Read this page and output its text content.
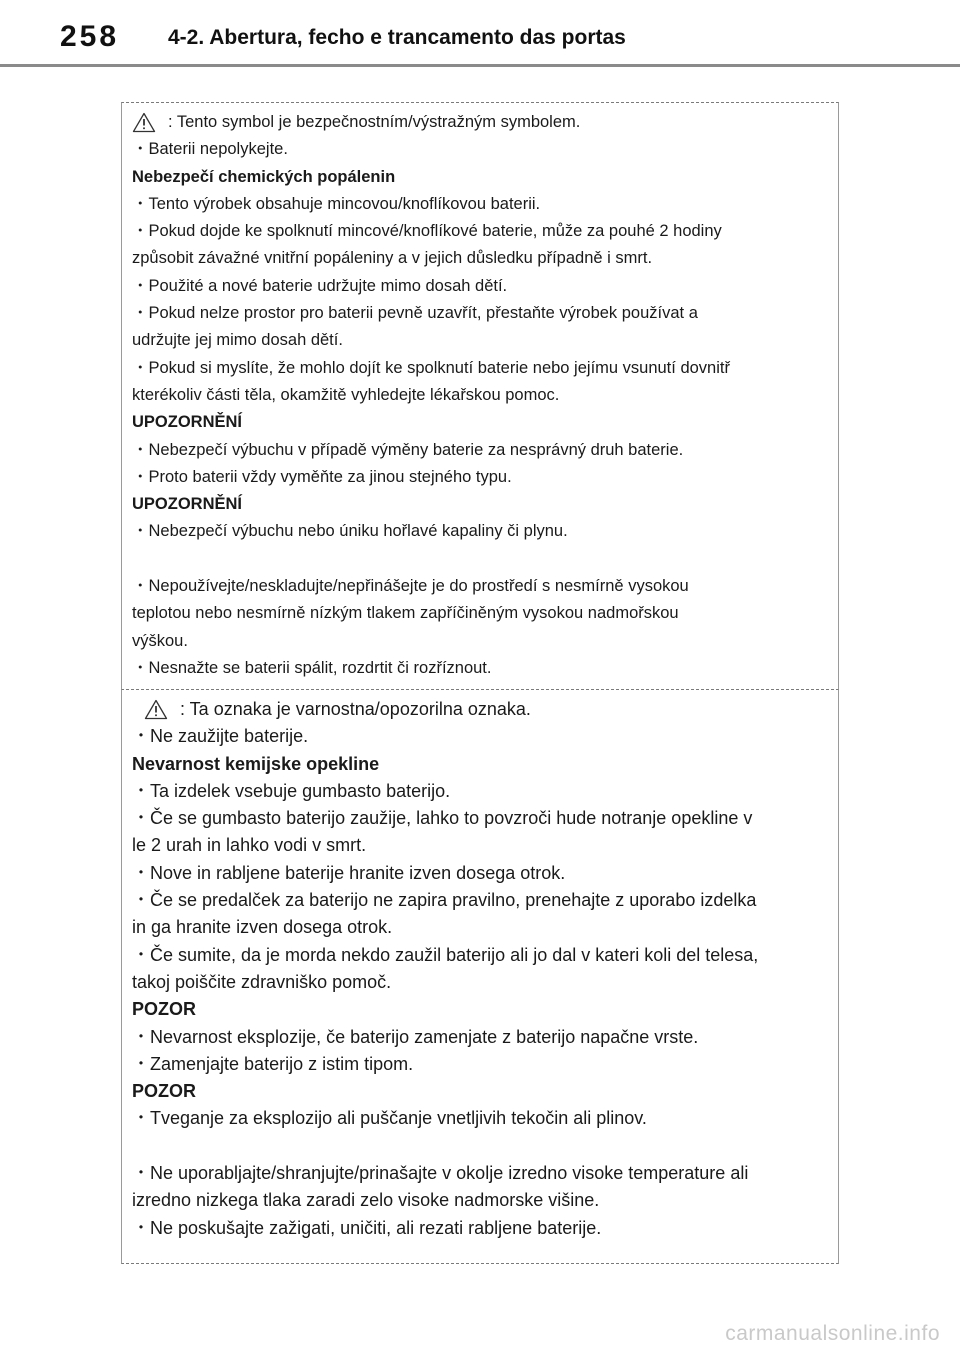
258 4-2. Abertura, fecho e trancamento das portas
: Tento symbol je bezpečnostním/výstražným symbolem.
・Baterii nepolykejte.
Nebezpečí chemických popálenin
・Tento výrobek obsahuje mincovou/knoflíkovou baterii.
・Pokud dojde ke spolknutí mincové/knoflíkové baterie, může za pouhé 2 hodiny
způsobit závažné vnitřní popáleniny a v jejich důsledku případně i smrt.
・Použité a nové baterie udržujte mimo dosah dětí.
・Pokud nelze prostor pro baterii pevně uzavřít, přestaňte výrobek používat a
udržujte jej mimo dosah dětí.
・Pokud si myslíte, že mohlo dojít ke spolknutí baterie nebo jejímu vsunutí dovnitř
kterékoliv části těla, okamžitě vyhledejte lékařskou pomoc.
UPOZORNĚNÍ
・Nebezpečí výbuchu v případě výměny baterie za nesprávný druh baterie.
・Proto baterii vždy vyměňte za jinou stejného typu.
UPOZORNĚNÍ
・Nebezpečí výbuchu nebo úniku hořlavé kapaliny či plynu.
・Nepoužívejte/neskladujte/nepřinášejte je do prostředí s nesmírně vysokou
teplotou nebo nesmírně nízkým tlakem zapříčiněným vysokou nadmořskou
výškou.
・Nesnažte se baterii spálit, rozdrtit či rozříznout.
: Ta oznaka je varnostna/opozorilna oznaka.
・Ne zaužijte baterije.
Nevarnost kemijske opekline
・Ta izdelek vsebuje gumbasto baterijo.
・Če se gumbasto baterijo zaužije, lahko to povzroči hude notranje opekline v
le 2 urah in lahko vodi v smrt.
・Nove in rabljene baterije hranite izven dosega otrok.
・Če se predalček za baterijo ne zapira pravilno, prenehajte z uporabo izdelka
in ga hranite izven dosega otrok.
・Če sumite, da je morda nekdo zaužil baterijo ali jo dal v kateri koli del telesa,
takoj poiščite zdravniško pomoč.
POZOR
・Nevarnost eksplozije, če baterijo zamenjate z baterijo napačne vrste.
・Zamenjajte baterijo z istim tipom.
POZOR
・Tveganje za eksplozijo ali puščanje vnetljivih tekočin ali plinov.
・Ne uporabljajte/shranjujte/prinašajte v okolje izredno visoke temperature ali
izredno nizkega tlaka zaradi zelo visoke nadmorske višine.
・Ne poskušajte zažigati, uničiti, ali rezati rabljene baterije.
carmanualsonline.info
